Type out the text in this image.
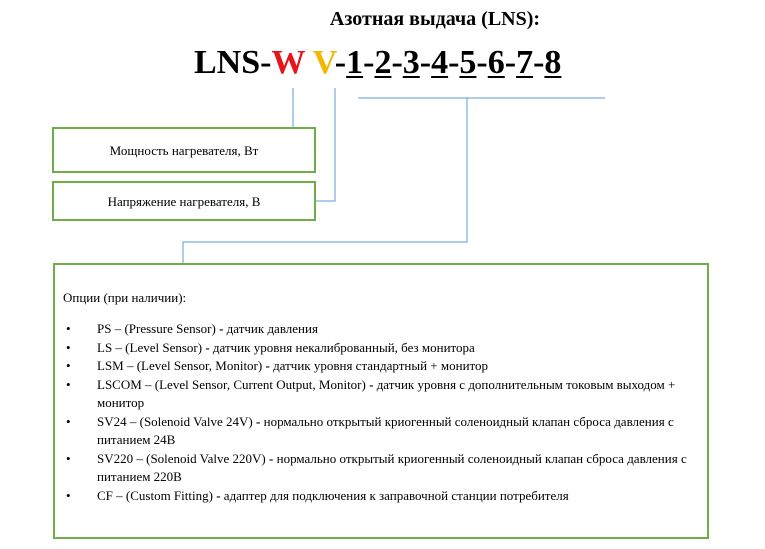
Азотная выдача (LNS):
LNS-W V-1-2-3-4-5-6-7-8
Мощность нагревателя, Вт
Напряжение нагревателя, В
Опции (при наличии):
• PS – (Pressure Sensor) - датчик давления
• LS – (Level Sensor) - датчик уровня некалиброванный, без монитора
• LSM – (Level Sensor, Monitor) - датчик уровня стандартный + монитор
• LSCOM – (Level Sensor, Current Output, Monitor) - датчик уровня с дополнительным токовым выходом + монитор
• SV24 – (Solenoid Valve 24V) - нормально открытый криогенный соленоидный клапан сброса давления с питанием 24В
• SV220 – (Solenoid Valve 220V) - нормально открытый криогенный соленоидный клапан сброса давления с питанием 220В
• CF – (Custom Fitting) - адаптер для подключения к заправочной станции потребителя
